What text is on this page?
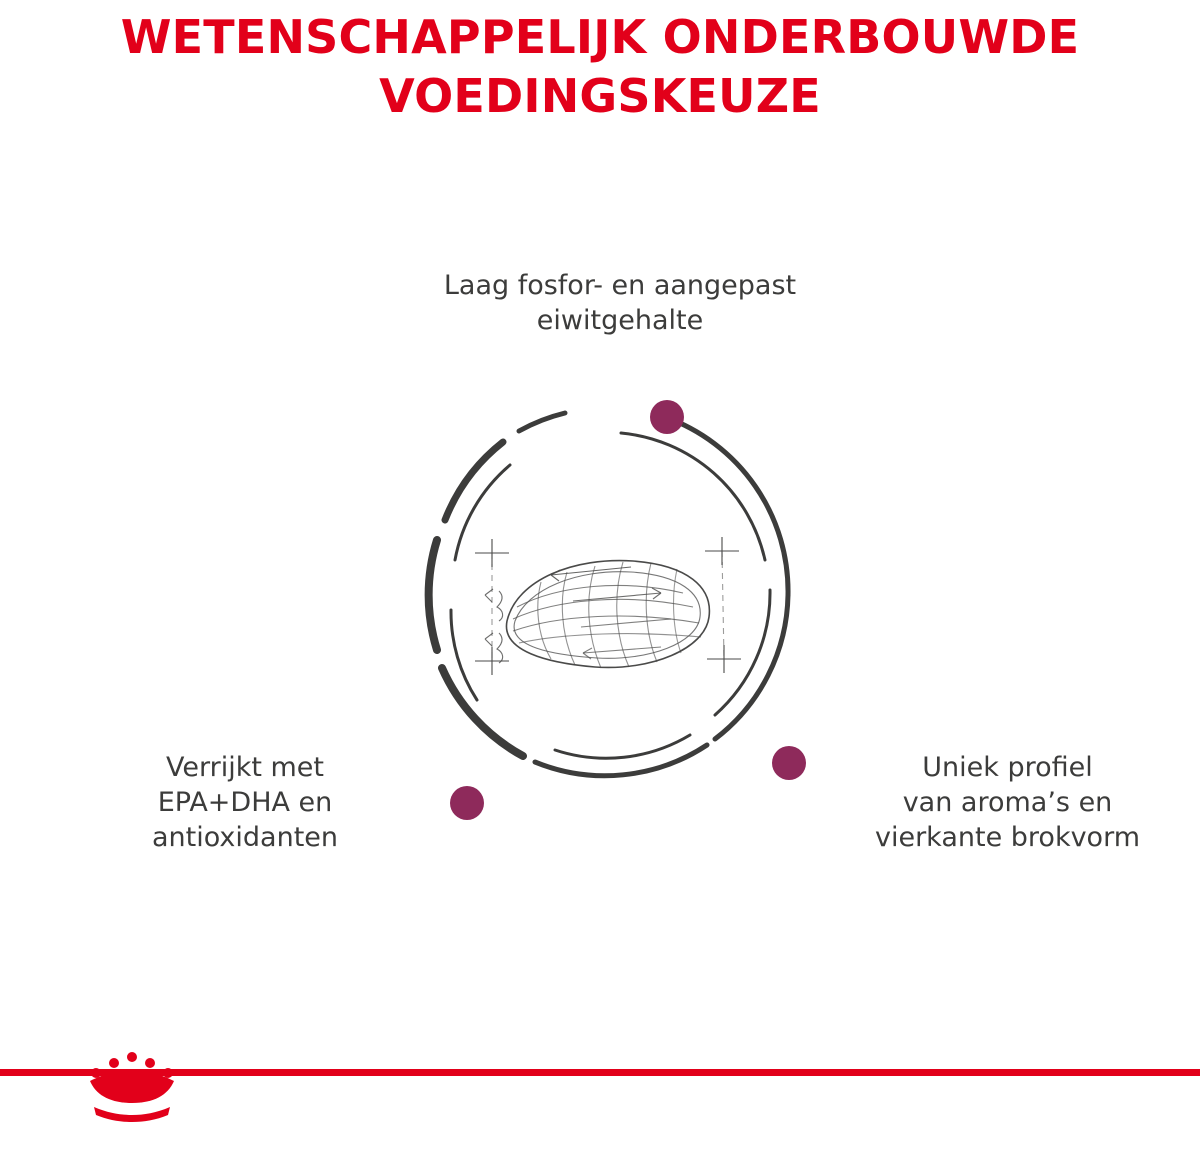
WETENSCHAPPELIJK ONDERBOUWDE
VOEDINGSKEUZE
Laag fosfor- en aangepast
eiwitgehalte
Verrijkt met
EPA+DHA en
antioxidanten
Uniek profiel
van aroma’s en
vierkante brokvorm
